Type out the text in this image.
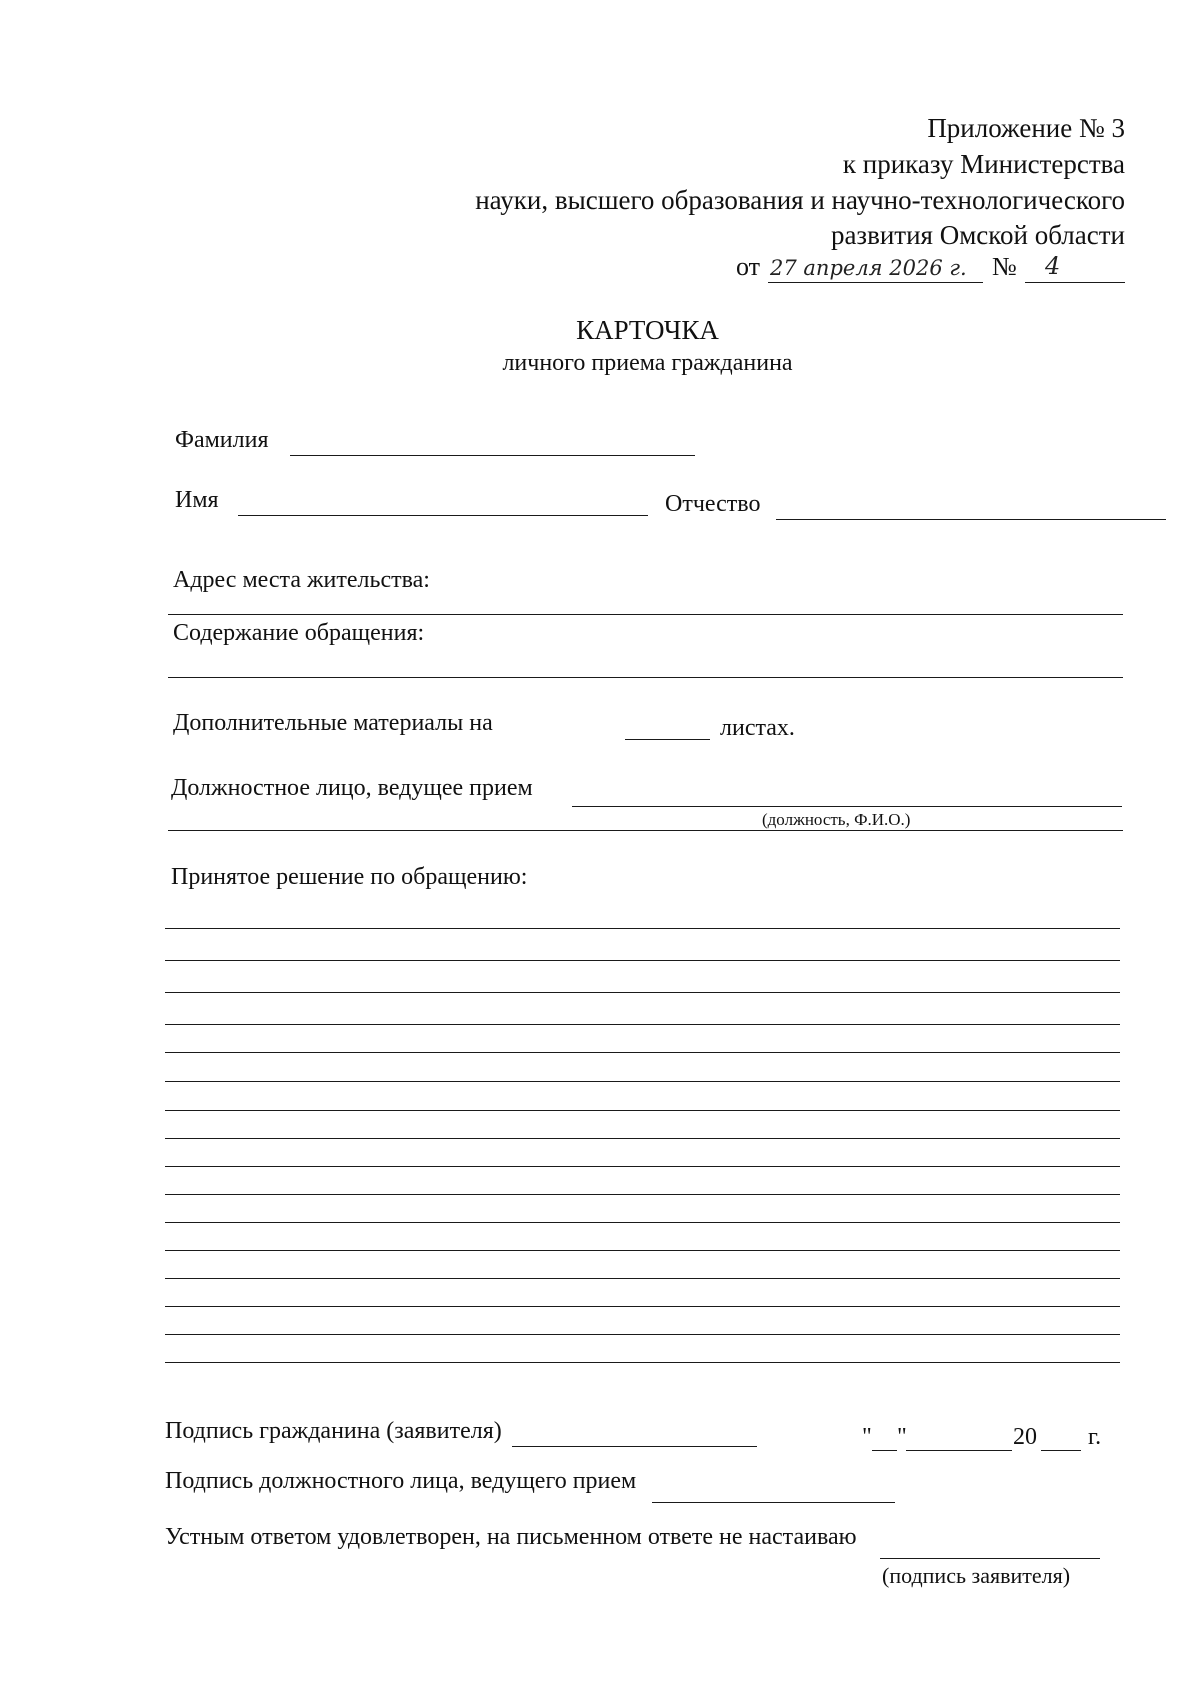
Приложение № 3
к приказу Министерства
науки, высшего образования и научно-технологического
развития Омской области
от 27 апреля 2026 г. № 4
КАРТОЧКА
личного приема гражданина
Фамилия
Имя	Отчество
Адрес места жительства:
Содержание обращения:
Дополнительные материалы на	листах.
Должностное лицо, ведущее прием
(должность, Ф.И.О.)
Принятое решение по обращению:
Подпись гражданина (заявителя)	" "	20 г.
Подпись должностного лица, ведущего прием
Устным ответом удовлетворен, на письменном ответе не настаиваю
(подпись заявителя)
